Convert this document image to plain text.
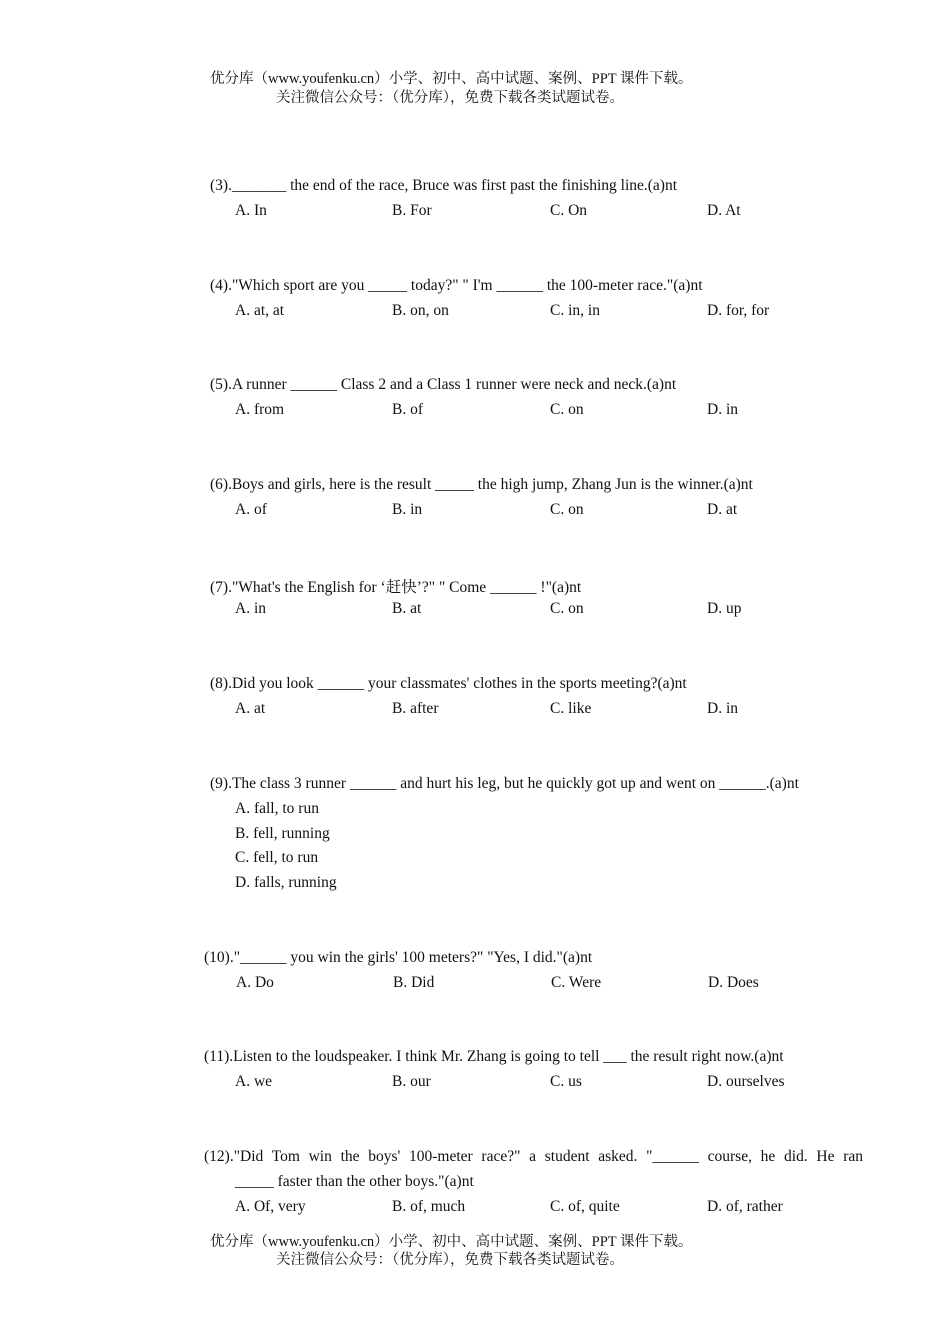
优分库（www.youfenku.cn）小学、初中、高中试题、案例、PPT 课件下载。
关注微信公众号：（优分库），免费下载各类试题试卷。
(3)._______ the end of the race, Bruce was first past the finishing line.(a)nt
A. In	B. For	C. On	D. At
(4)."Which sport are you _____ today?" " I'm ______ the 100-meter race."(a)nt
A. at, at	B. on, on	C. in, in	D. for, for
(5).A runner ______ Class 2 and a Class 1 runner were neck and neck.(a)nt
A. from	B. of	C. on	D. in
(6).Boys and girls, here is the result _____ the high jump, Zhang Jun is the winner.(a)nt
A. of	B. in	C. on	D. at
(7)."What's the English for ‘赶快’?" " Come ______ !"(a)nt
A. in	B. at	C. on	D. up
(8).Did you look ______ your classmates' clothes in the sports meeting?(a)nt
A. at	B. after	C. like	D. in
(9).The class 3 runner ______ and hurt his leg, but he quickly got up and went on ______.(a)nt
A. fall, to run
B. fell, running
C. fell, to run
D. falls, running
(10)."______ you win the girls' 100 meters?" "Yes, I did."(a)nt
A. Do	B. Did	C. Were	D. Does
(11).Listen to the loudspeaker. I think Mr. Zhang is going to tell ___ the result right now.(a)nt
A. we	B. our	C. us	D. ourselves
(12)."Did Tom win the boys' 100-meter race?" a student asked. "______ course, he did. He ran
_____ faster than the other boys."(a)nt
A. Of, very	B. of, much	C. of, quite	D. of, rather
优分库（www.youfenku.cn）小学、初中、高中试题、案例、PPT 课件下载。
关注微信公众号：（优分库），免费下载各类试题试卷。
